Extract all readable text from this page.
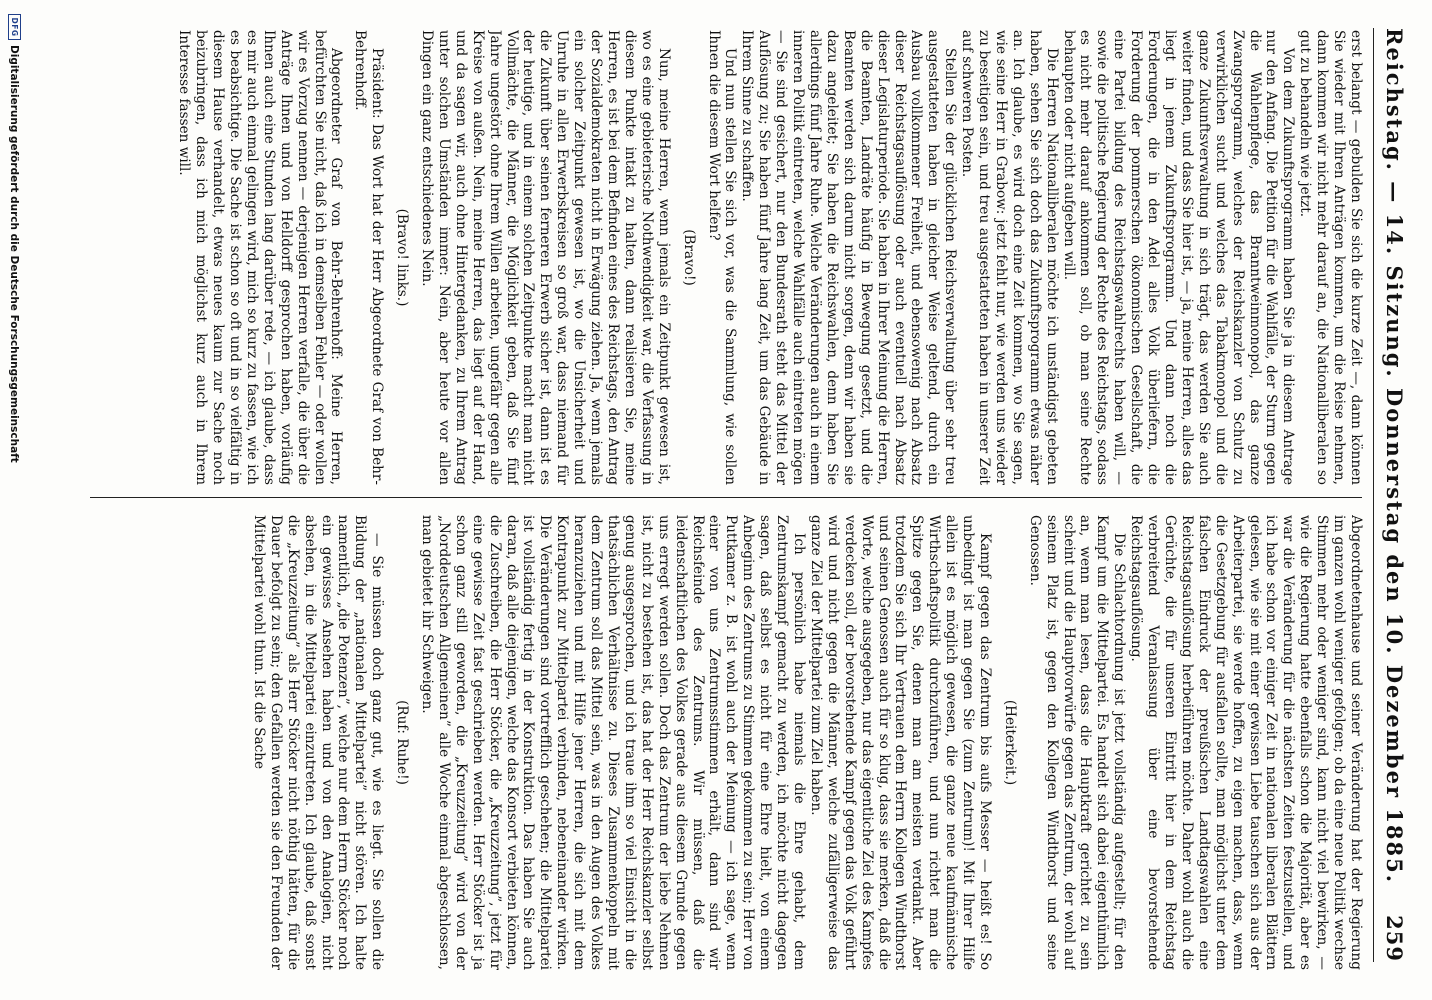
Reichstag. — 14. Sitzung. Donnerstag den 10. Dezember 1885.
259

erst belangt — gebulden Sie sich die kurze Zeit —, dann können Sie wieder mit Ihren Anträgen kommen, um die Reise nehmen, dann kommen wir nicht mehr darauf an, die Nationalliberalen so gut zu behandeln wie jetzt.

Von dem Zukunftsprogramm haben Sie ja in diesem Antrage nur den Anfang. Die Petition für die Wahlfälle, der Sturm gegen die Wahlenpflege, das Branntweinmonopol, das ganze Zwangsprogramm, welches der Reichskanzler von Schutz zu verwirklichen sucht und welches das Tabakmonopol und die ganze Zukunftsverwaltung in sich trägt, das werden Sie auch weiter finden, und dass Sie hier ist, — ja, meine Herren, alles das liegt in jenem Zukunftsprogramm. Und dann noch die Forderungen, die in den Adel alles Volk überliefern, die Forderung der pommerschen ökonomischen Gesellschaft, die eine Partei bildung des Reichstagswahlrechts haben will, — sowie die politische Regierung der Rechte des Reichstags, sodass es nicht mehr darauf ankommen soll, ob man seine Rechte behaupten oder nicht aufgeben will.

Die Herren Nationalliberalen möchte ich unständigst gebeten haben, sehen Sie sich doch das Zukunftsprogramm etwas näher an. Ich glaube, es wird doch eine Zeit kommen, wo Sie sagen, wie seine Herr in Grabow: jetzt fehlt nur, wie werden uns wieder zu beseitigen sein, und treu ausgestatteten haben in unserer Zeit auf schweren Posten.

Stellen Sie der glücklichen Reichsverwaltung über sehr treu ausgestatteten haben in gleicher Weise geltend, durch ein Ausbau vollkommener Freiheit, und ebensowenig nach Absatz dieser Reichstagsauflösung oder auch eventuell nach Absatz dieser Legislaturperiode. Sie haben in Ihrer Meinung die Herren, die Beamten, Landräte häufig in Bewegung gesetzt, und die Beamten werden sich darum nicht sorgen, denn wir haben sie dazu angeleitet; Sie haben die Reichswahlen, denn haben Sie allerdings fünf Jahre Ruhe. Welche Veränderungen auch in einem inneren Politik eintreten, welche Wahlfälle auch eintreten mögen — Sie sind gesichert, nur den Bundesrath steht das Mittel der Auflösung zu; Sie haben fünf Jahre lang Zeit, um das Gebäude in Ihrem Sinne zu schaffen.

Und nun stellen Sie sich vor, was die Sammlung, wie sollen Ihnen die diesem Wort helfen?

(Bravo!)

Nun, meine Herren, wenn jemals ein Zeitpunkt gewesen ist, wo es eine gebieterische Nothwendigkeit war, die Verfassung in diesem Punkte intakt zu halten, dann realisieren Sie, meine Herren, es ist bei dem Befinden eines des Reichstags, den Antrag der Sozialdemokraten nicht in Erwägung ziehen. Ja, wenn jemals ein solcher Zeitpunkt gewesen ist, wo die Unsicherheit und Unruhe in allen Erwerbskreisen so groß war, dass niemand für die Zukunft über seinen ferneren Erwerb sicher ist, dann ist es der heutige, und in einem solchen Zeitpunkte macht man nicht Vollmächte, die Männer, die Möglichkeit geben, daß Sie fünf Jahre ungestört ohne Ihrem Willen arbeiten, ungefähr gegen alle Kreise von außen. Nein, meine Herren, das liegt auf der Hand, und da sagen wir, auch ohne Hintergedanken, zu Ihrem Antrag unter solchen Umständen immer: Nein, aber heute vor allen Dingen ein ganz entschiedenes Nein.

(Bravo! links.)

Präsident: Das Wort hat der Herr Abgeordnete Graf von Behr-Behrenhoff.

Abgeordneter Graf von Behr-Behrenhoff: Meine Herren, befürchten Sie nicht, daß ich in demselben Fehler — oder wollen wir es Vorzug nennen — derjenigen Herren verfalle, die über die Anträge Ihnen und von Helldorff gesprochen haben, vorläufig Ihnen auch eine Stunden lang darüber rede, — ich glaube, dass es mir auch einmal gelingen wird, mich so kurz zu fassen, wie ich es beabsichtige. Die Sache ist schon so oft und in so vielfältig in diesem Hause verhandelt, etwas neues kaum zur Sache noch beizubringen, dass ich mich möglichst kurz auch in Ihrem Interesse fassen will.

Abgeordnetenhause und seiner Veränderung hat der Regierung im ganzen wohl weniger gefolgen; ob da eine neue Politik wechse Stimmen mehr oder weniger sind, kann nicht viel bewirken, — wie die Regierung hatte ebenfalls schon die Majorität, aber es war die Veränderung für die nächsten Zeiten festzustellen, und ich habe schon vor einiger Zeit in nationalen liberalen Blättern gelesen, wie sie mit einer gewissen Liebe tauschen sich aus der Arbeiterpartei, sie werde hoffen, zu eigen machen, dass, wenn die Gesetzgebung für ausfallen sollte, man möglichst unter dem falschen Eindruck der preußischen Landtagswahlen eine Reichstagsauflösung herbeiführen möchte. Daher wohl auch die Gerüchte, die für unseren Eintritt hier in dem Reichstag verbreitend Veranlassung über eine bevorstehende Reichstagsauflösung.

Die Schlachtordnung ist jetzt vollständig aufgestellt; für den Kampf um die Mittelpartei. Es handelt sich dabei eigenthümlich an, wenn man lesen, dass die Hauptkraft gerichtet zu sein scheint und die Hauptvorwürfe gegen das Zentrum, der wohl auf seinem Platz ist, gegen den Kollegen Windthorst und seine Genossen.

(Heiterkeit.)

Kampf gegen das Zentrum bis aufs Messer — heißt es! So unbedingt ist man gegen Sie (zum Zentrum)! Mit Ihrer Hilfe allein ist es möglich gewesen, die ganze neue kaufmännische Wirthschaftspolitik durchzuführen, und nun richtet man die Spitze gegen Sie, denen man am meisten verdankt. Aber trotzdem Sie sich Ihr Vertrauen dem Herrn Kollegen Windthorst und seinen Genossen auch für so klug, dass sie merken, daß die Worte, welche ausgegeben, nur das eigentliche Ziel des Kampfes verdecken soll, der bevorstehende Kampf gegen das Volk geführt wird und nicht gegen die Männer, welche zufälligerweise das ganze Ziel der Mittelpartei zum Ziel haben.

Ich persönlich habe niemals die Ehre gehabt, dem Zentrumskampf gemacht zu werden, ich möchte nicht dagegen sagen, daß selbst es nicht für eine Ehre hielt, von einem Anbeginn des Zentrums zu Stimmen gekommen zu sein; Herr von Puttkamer z. B. ist wohl auch der Meinung — ich sage, wenn einer von uns Zentrumsstimmen erhält, dann sind wir Reichsfeinde des Zentrums. Wir müssen, daß die leidenschaftlichen des Volkes gerade aus diesem Grunde gegen uns erregt werden sollen. Doch das Zentrum der liebe Nehmen ist, nicht zu bestehen ist, das hat der Herr Reichskanzler selbst genug ausgesprochen, und ich traue ihm so viel Einsicht in die thatsächlichen Verhältnisse zu. Dieses Zusammenkoppeln mit dem Zentrum soll das Mittel sein, was in den Augen des Volkes heranzuziehen und mit Hilfe jener Herren, die sich mit dem Kontrapunkt zur Mittelpartei verbinden, nebeneinander wirken. Die Veränderungen sind vortrefflich geschehen; die Mittelpartei ist vollständig fertig in der Konstruktion. Das haben Sie auch daran, daß alle diejenigen, welche das Konsort verbieten können, die Zuschreiben, die Herr Stöcker, die „Kreuzzeitung”, jetzt für eine gewisse Zeit fast geschrieben werden. Herr Stöcker ist ja schon ganz still geworden, die „Kreuzzeitung” wird von der „Norddeutschen Allgemeinen” alle Woche einmal abgeschlossen, man gebietet ihr Schweigen.

(Ruf: Ruhe!)

— Sie müssen doch ganz gut, wie es liegt. Sie sollen die Bildung der „nationalen Mittelpartei” nicht stören. Ich halte namentlich, „die Potenzen”, welche nur dem Herrn Stöcker noch ein gewisses Ansehen haben und von den Analogien, nicht absehen, in die Mittelpartei einzutreten. Ich glaube, daß sonst die „Kreuzzeitung” als Herr Stöcker nicht nöthig hätten, für die Dauer befolgt zu sein; den Gefallen werden sie den Freunden der Mittelpartei wohl thun. Ist die Sache

DFG
Digitalisierung gefördert durch die Deutsche Forschungsgemeinschaft
